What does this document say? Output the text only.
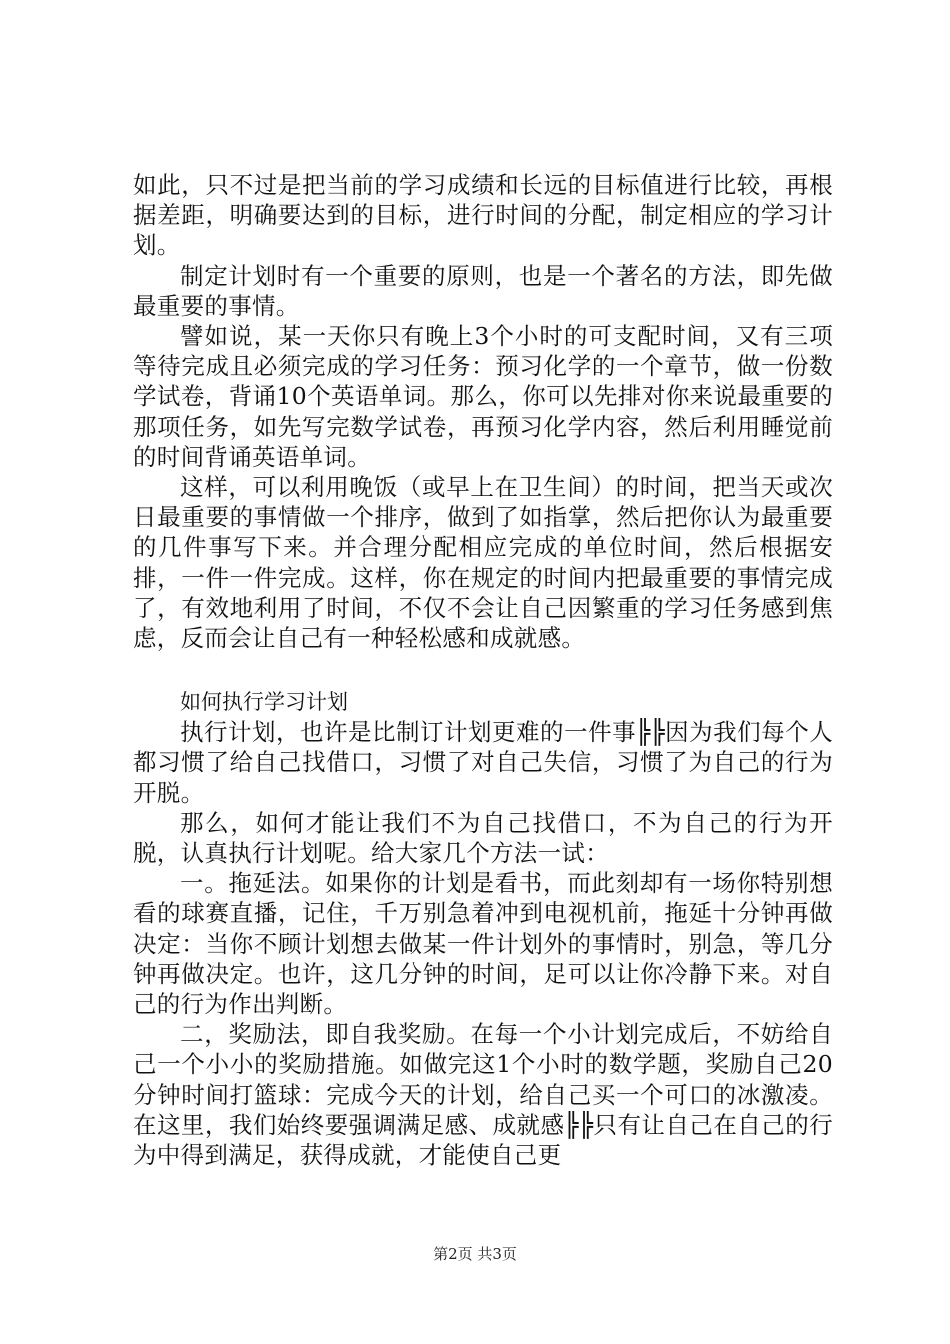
如此，只不过是把当前的学习成绩和长远的目标值进行比较，再根据差距，明确要达到的目标，进行时间的分配，制定相应的学习计划。

制定计划时有一个重要的原则，也是一个著名的方法，即先做最重要的事情。

譬如说，某一天你只有晚上3个小时的可支配时间，又有三项等待完成且必须完成的学习任务：预习化学的一个章节，做一份数学试卷，背诵10个英语单词。那么，你可以先排对你来说最重要的那项任务，如先写完数学试卷，再预习化学内容，然后利用睡觉前的时间背诵英语单词。

这样，可以利用晚饭（或早上在卫生间）的时间，把当天或次日最重要的事情做一个排序，做到了如指掌，然后把你认为最重要的几件事写下来。并合理分配相应完成的单位时间，然后根据安排，一件一件完成。这样，你在规定的时间内把最重要的事情完成了，有效地利用了时间，不仅不会让自己因繁重的学习任务感到焦虑，反而会让自己有一种轻松感和成就感。

如何执行学习计划

执行计划，也许是比制订计划更难的一件事╠╠因为我们每个人都习惯了给自己找借口，习惯了对自己失信，习惯了为自己的行为开脱。

那么，如何才能让我们不为自己找借口，不为自己的行为开脱，认真执行计划呢。给大家几个方法一试：

一。拖延法。如果你的计划是看书，而此刻却有一场你特别想看的球赛直播，记住，千万别急着冲到电视机前，拖延十分钟再做决定：当你不顾计划想去做某一件计划外的事情时，别急，等几分钟再做决定。也许，这几分钟的时间，足可以让你冷静下来。对自己的行为作出判断。

二，奖励法，即自我奖励。在每一个小计划完成后，不妨给自己一个小小的奖励措施。如做完这1个小时的数学题，奖励自己20分钟时间打篮球：完成今天的计划，给自己买一个可口的冰激凌。在这里，我们始终要强调满足感、成就感╠╠只有让自己在自己的行为中得到满足，获得成就，才能使自己更

第2页 共3页
